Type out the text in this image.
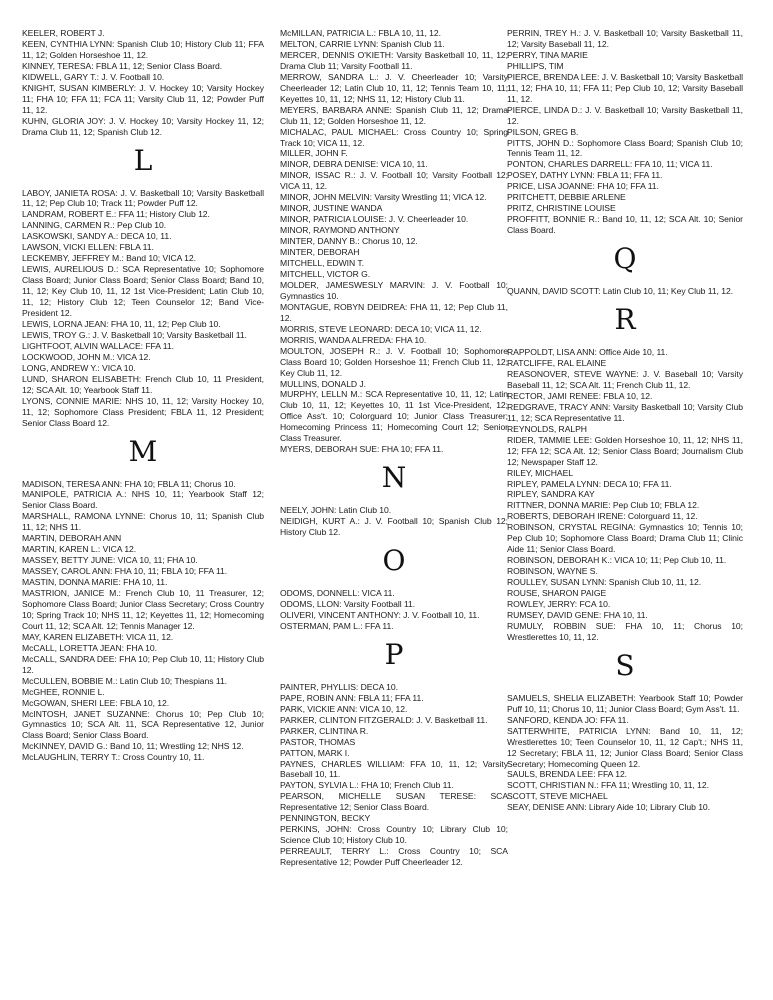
KEELER, ROBERT J.
KEEN, CYNTHIA LYNN: Spanish Club 10; History Club 11; FFA 11, 12; Golden Horseshoe 11, 12.
KINNEY, TERESA: FBLA 11, 12; Senior Class Board.
KIDWELL, GARY T.: J. V. Football 10.
KNIGHT, SUSAN KIMBERLY: J. V. Hockey 10; Varsity Hockey 11; FHA 10; FFA 11; FCA 11; Varsity Club 11, 12; Powder Puff 11, 12.
KUHN, GLORIA JOY: J. V. Hockey 10; Varsity Hockey 11, 12; Drama Club 11, 12; Spanish Club 12.
L
LABOY, JANIETA ROSA: J. V. Basketball 10; Varsity Basketball 11, 12; Pep Club 10; Track 11; Powder Puff 12.
LANDRAM, ROBERT E.: FFA 11; History Club 12.
LANNING, CARMEN R.: Pep Club 10.
LASKOWSKI, SANDY A.: DECA 10, 11.
LAWSON, VICKI ELLEN: FBLA 11.
LECKEMBY, JEFFREY M.: Band 10; VICA 12.
LEWIS, AURELIOUS D.: SCA Representative 10; Sophomore Class Board; Junior Class Board; Senior Class Board; Band 10, 11, 12; Key Club 10, 11, 12 1st Vice-President; Latin Club 10, 11, 12; History Club 12; Teen Counselor 12; Band Vice-President 12.
LEWIS, LORNA JEAN: FHA 10, 11, 12; Pep Club 10.
LEWIS, TROY G.: J. V. Basketball 10; Varsity Basketball 11.
LIGHTFOOT, ALVIN WALLACE: FFA 11.
LOCKWOOD, JOHN M.: VICA 12.
LONG, ANDREW Y.: VICA 10.
LUND, SHARON ELISABETH: French Club 10, 11 President, 12; SCA Alt. 10; Yearbook Staff 11.
LYONS, CONNIE MARIE: NHS 10, 11, 12; Varsity Hockey 10, 11, 12; Sophomore Class President; FBLA 11, 12 President; Senior Class Board 12.
M
MADISON, TERESA ANN: FHA 10; FBLA 11; Chorus 10.
MANIPOLE, PATRICIA A.: NHS 10, 11; Yearbook Staff 12; Senior Class Board.
MARSHALL, RAMONA LYNNE: Chorus 10, 11; Spanish Club 11, 12; NHS 11.
MARTIN, DEBORAH ANN
MARTIN, KAREN L.: VICA 12.
MASSEY, BETTY JUNE: VICA 10, 11; FHA 10.
MASSEY, CAROL ANN: FHA 10, 11; FBLA 10; FFA 11.
MASTIN, DONNA MARIE: FHA 10, 11.
MASTRION, JANICE M.: French Club 10, 11 Treasurer, 12; Sophomore Class Board; Junior Class Secretary; Cross Country 10; Spring Track 10; NHS 11, 12; Keyettes 11, 12; Homecoming Court 11, 12; SCA Alt. 12; Tennis Manager 12.
MAY, KAREN ELIZABETH: VICA 11, 12.
McCALL, LORETTA JEAN: FHA 10.
McCALL, SANDRA DEE: FHA 10; Pep Club 10, 11; History Club 12.
McCULLEN, BOBBIE M.: Latin Club 10; Thespians 11.
McGHEE, RONNIE L.
McGOWAN, SHERI LEE: FBLA 10, 12.
McINTOSH, JANET SUZANNE: Chorus 10; Pep Club 10; Gymnastics 10; SCA Alt. 11, SCA Representative 12, Junior Class Board; Senior Class Board.
McKINNEY, DAVID G.: Band 10, 11; Wrestling 12; NHS 12.
McLAUGHLIN, TERRY T.: Cross Country 10, 11.
McMILLAN, PATRICIA L.: FBLA 10, 11, 12.
MELTON, CARRIE LYNN: Spanish Club 11.
MERCER, DENNIS O'KIETH: Varsity Basketball 10, 11, 12; Drama Club 11; Varsity Football 11.
MERROW, SANDRA L.: J. V. Cheerleader 10; Varsity Cheerleader 12; Latin Club 10, 11, 12; Tennis Team 10, 11; Keyettes 10, 11, 12; NHS 11, 12; History Club 11.
MEYERS, BARBARA ANNE: Spanish Club 11, 12; Drama Club 11, 12; Golden Horseshoe 11, 12.
MICHALAC, PAUL MICHAEL: Cross Country 10; Spring Track 10; VICA 11, 12.
MILLER, JOHN F.
MINOR, DEBRA DENISE: VICA 10, 11.
MINOR, ISSAC R.: J. V. Football 10; Varsity Football 12; VICA 11, 12.
MINOR, JOHN MELVIN: Varsity Wrestling 11; VICA 12.
MINOR, JUSTINE WANDA
MINOR, PATRICIA LOUISE: J. V. Cheerleader 10.
MINOR, RAYMOND ANTHONY
MINTER, DANNY B.: Chorus 10, 12.
MINTER, DEBORAH
MITCHELL, EDWIN T.
MITCHELL, VICTOR G.
MOLDER, JAMESWESLY MARVIN: J. V. Football 10; Gymnastics 10.
MONTAGUE, ROBYN DEIDREA: FHA 11, 12; Pep Club 11, 12.
MORRIS, STEVE LEONARD: DECA 10; VICA 11, 12.
MORRIS, WANDA ALFREDA: FHA 10.
MOULTON, JOSEPH R.: J. V. Football 10; Sophomore Class Board 10; Golden Horseshoe 11; French Club 11, 12; Key Club 11, 12.
MULLINS, DONALD J.
MURPHY, LELLN M.: SCA Representative 10, 11, 12; Latin Club 10, 11, 12; Keyettes 10, 11 1st Vice-President, 12; Office Ass't. 10; Colorguard 10; Junior Class Treasurer; Homecoming Princess 11; Homecoming Court 12; Senior Class Treasurer.
MYERS, DEBORAH SUE: FHA 10; FFA 11.
N
NEELY, JOHN: Latin Club 10.
NEIDIGH, KURT A.: J. V. Football 10; Spanish Club 12; History Club 12.
O
ODOMS, DONNELL: VICA 11.
ODOMS, LLON: Varsity Football 11.
OLIVERI, VINCENT ANTHONY: J. V. Football 10, 11.
OSTERMAN, PAM L.: FFA 11.
P
PAINTER, PHYLLIS: DECA 10.
PAPE, ROBIN ANN: FBLA 11; FFA 11.
PARK, VICKIE ANN: VICA 10, 12.
PARKER, CLINTON FITZGERALD: J. V. Basketball 11.
PARKER, CLINTINA R.
PASTOR, THOMAS
PATTON, MARK I.
PAYNES, CHARLES WILLIAM: FFA 10, 11, 12; Varsity Baseball 10, 11.
PAYTON, SYLVIA L.: FHA 10; French Club 11.
PEARSON, MICHELLE SUSAN TERESE: SCA Representative 12; Senior Class Board.
PENNINGTON, BECKY
PERKINS, JOHN: Cross Country 10; Library Club 10; Science Club 10; History Club 10.
PERREAULT, TERRY L.: Cross Country 10; SCA Representative 12; Powder Puff Cheerleader 12.
PERRIN, TREY H.: J. V. Basketball 10; Varsity Basketball 11, 12; Varsity Baseball 11, 12.
PERRY, TINA MARIE
PHILLIPS, TIM
PIERCE, BRENDA LEE: J. V. Basketball 10; Varsity Basketball 11, 12; FHA 10, 11; FFA 11; Pep Club 10, 12; Varsity Baseball 11, 12.
PIERCE, LINDA D.: J. V. Basketball 10; Varsity Basketball 11, 12.
PILSON, GREG B.
PITTS, JOHN D.: Sophomore Class Board; Spanish Club 10; Tennis Team 11, 12.
PONTON, CHARLES DARRELL: FFA 10, 11; VICA 11.
POSEY, DATHY LYNN: FBLA 11; FFA 11.
PRICE, LISA JOANNE: FHA 10; FFA 11.
PRITCHETT, DEBBIE ARLENE
PRITZ, CHRISTINE LOUISE
PROFFITT, BONNIE R.: Band 10, 11, 12; SCA Alt. 10; Senior Class Board.
Q
QUANN, DAVID SCOTT: Latin Club 10, 11; Key Club 11, 12.
R
RAPPOLDT, LISA ANN: Office Aide 10, 11.
RATCLIFFE, RAL ELAINE
REASONOVER, STEVE WAYNE: J. V. Baseball 10; Varsity Baseball 11, 12; SCA Alt. 11; French Club 11, 12.
RECTOR, JAMI RENEE: FBLA 10, 12.
REDGRAVE, TRACY ANN: Varsity Basketball 10; Varsity Club 11, 12; SCA Representative 11.
REYNOLDS, RALPH
RIDER, TAMMIE LEE: Golden Horseshoe 10, 11, 12; NHS 11, 12; FFA 12; SCA Alt. 12; Senior Class Board; Journalism Club 12; Newspaper Staff 12.
RILEY, MICHAEL
RIPLEY, PAMELA LYNN: DECA 10; FFA 11.
RIPLEY, SANDRA KAY
RITTNER, DONNA MARIE: Pep Club 10; FBLA 12.
ROBERTS, DEBORAH IRENE: Colorguard 11, 12.
ROBINSON, CRYSTAL REGINA: Gymnastics 10; Tennis 10; Pep Club 10; Sophomore Class Board; Drama Club 11; Clinic Aide 11; Senior Class Board.
ROBINSON, DEBORAH K.: VICA 10; 11; Pep Club 10, 11.
ROBINSON, WAYNE S.
ROULLEY, SUSAN LYNN: Spanish Club 10, 11, 12.
ROUSE, SHARON PAIGE
ROWLEY, JERRY: FCA 10.
RUMSEY, DAVID GENE: FHA 10, 11.
RUMULY, ROBBIN SUE: FHA 10, 11; Chorus 10; Wrestlerettes 10, 11, 12.
S
SAMUELS, SHELIA ELIZABETH: Yearbook Staff 10; Powder Puff 10, 11; Chorus 10, 11; Junior Class Board; Gym Ass't. 11.
SANFORD, KENDA JO: FFA 11.
SATTERWHITE, PATRICIA LYNN: Band 10, 11, 12; Wrestlerettes 10; Teen Counselor 10, 11, 12 Cap't.; NHS 11, 12 Secretary; FBLA 11, 12; Junior Class Board; Senior Class Secretary; Homecoming Queen 12.
SAULS, BRENDA LEE: FFA 12.
SCOTT, CHRISTIAN N.: FFA 11; Wrestling 10, 11, 12.
SCOTT, STEVE MICHAEL
SEAY, DENISE ANN: Library Aide 10; Library Club 10.
